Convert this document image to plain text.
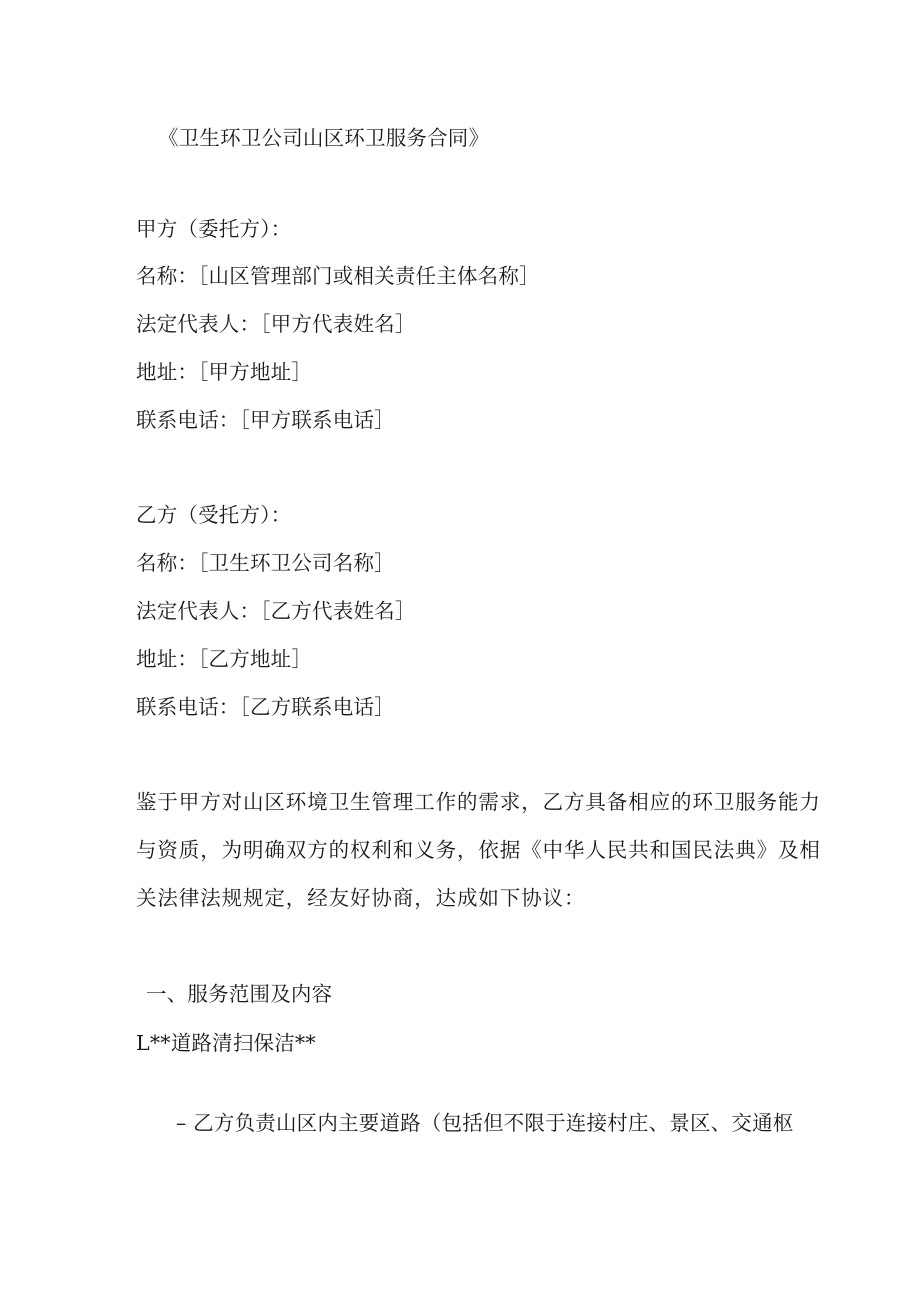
《卫生环卫公司山区环卫服务合同》
甲方（委托方）：
名称：［山区管理部门或相关责任主体名称］
法定代表人：［甲方代表姓名］
地址：［甲方地址］
联系电话：［甲方联系电话］
乙方（受托方）：
名称：［卫生环卫公司名称］
法定代表人：［乙方代表姓名］
地址：［乙方地址］
联系电话：［乙方联系电话］
鉴于甲方对山区环境卫生管理工作的需求，乙方具备相应的环卫服务能力
与资质，为明确双方的权利和义务，依据《中华人民共和国民法典》及相
关法律法规规定，经友好协商，达成如下协议：
一、服务范围及内容
L**道路清扫保洁**
– 乙方负责山区内主要道路（包括但不限于连接村庄、景区、交通枢
